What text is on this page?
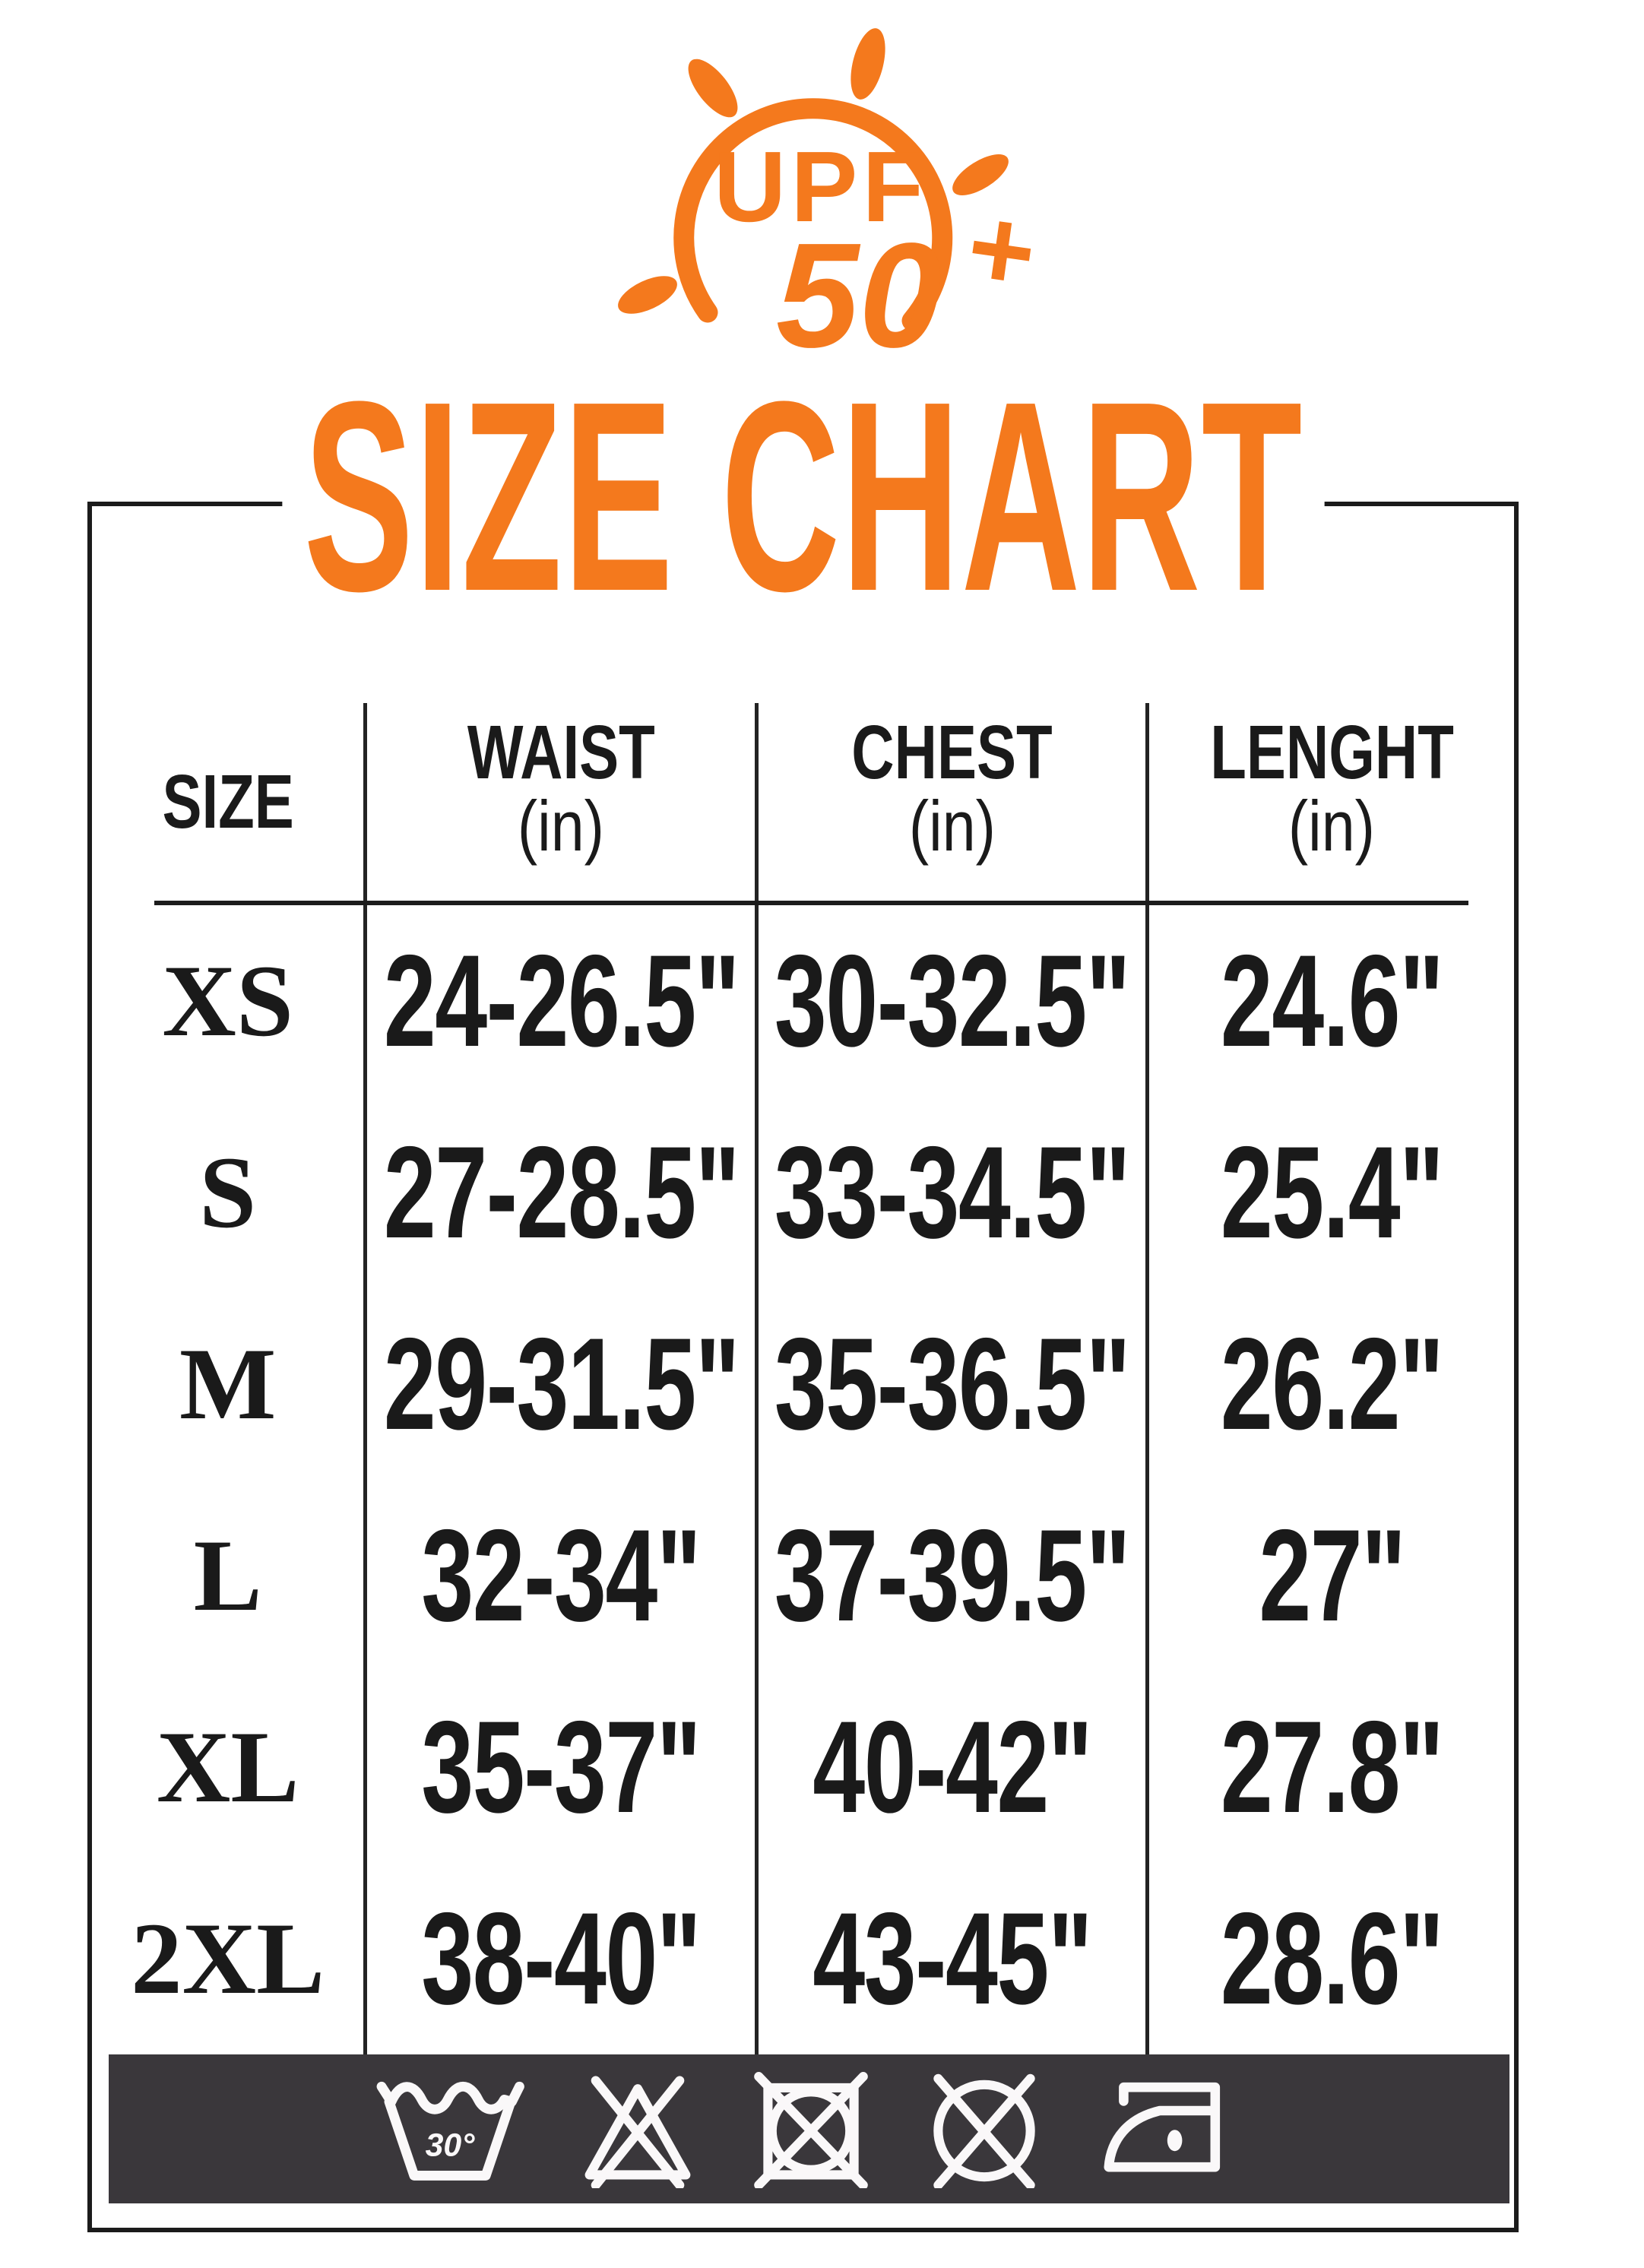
UPF
50 +
SIZE CHART
SIZE
WAIST
(in)
CHEST
(in)
LENGHT
(in)
XS 24-26.5" 30-32.5" 24.6"
S 27-28.5" 33-34.5" 25.4"
M 29-31.5" 35-36.5" 26.2"
L 32-34" 37-39.5" 27"
XL 35-37" 40-42" 27.8"
2XL 38-40" 43-45" 28.6"
30°
